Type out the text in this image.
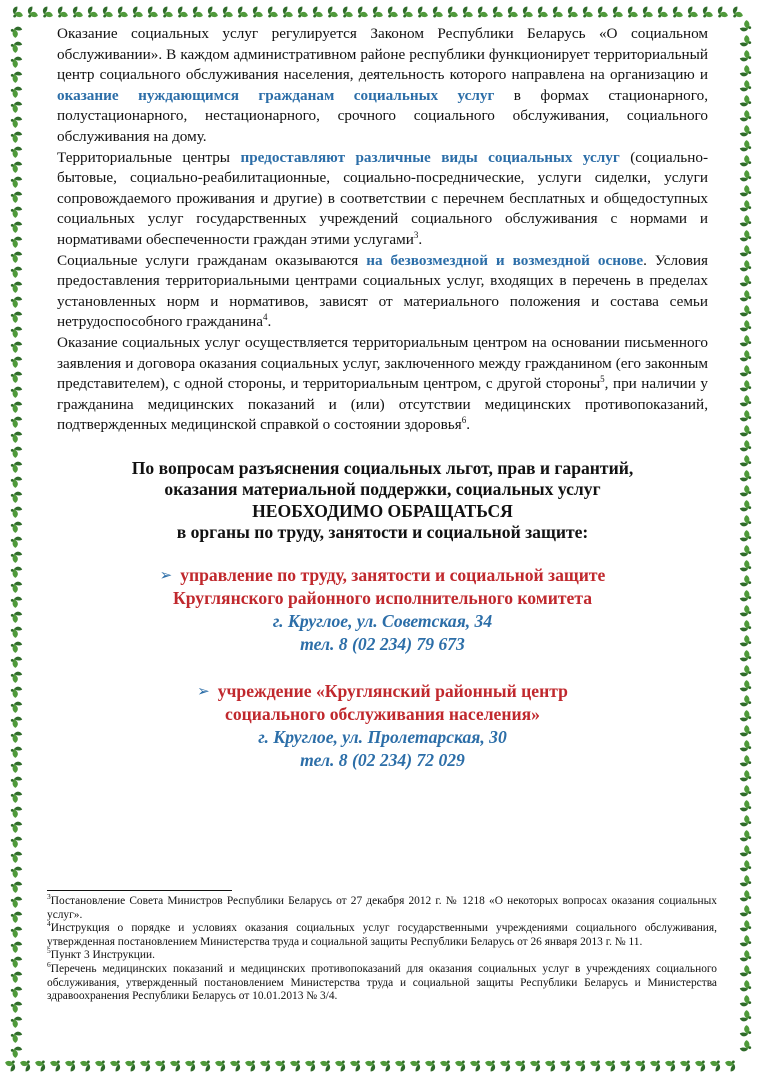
Оказание социальных услуг регулируется Законом Республики Беларусь «О социальном обслуживании». В каждом административном районе республики функционирует территориальный центр социального обслуживания населения, деятельность которого направлена на организацию и оказание нуждающимся гражданам социальных услуг в формах стационарного, полустационарного, нестационарного, срочного социального обслуживания, социального обслуживания на дому.

Территориальные центры предоставляют различные виды социальных услуг (социально-бытовые, социально-реабилитационные, социально-посреднические, услуги сиделки, услуги сопровождаемого проживания и другие) в соответствии с перечнем бесплатных и общедоступных социальных услуг государственных учреждений социального обслуживания с нормами и нормативами обеспеченности граждан этими услугами$^3$.

Социальные услуги гражданам оказываются на безвозмездной и возмездной основе. Условия предоставления территориальными центрами социальных услуг, входящих в перечень в пределах установленных норм и нормативов, зависят от материального положения и состава семьи нетрудоспособного гражданина$^4$.

Оказание социальных услуг осуществляется территориальным центром на основании письменного заявления и договора оказания социальных услуг, заключенного между гражданином (его законным представителем), с одной стороны, и территориальным центром, с другой стороны$^5$, при наличии у гражданина медицинских показаний и (или) отсутствии медицинских противопоказаний, подтвержденных медицинской справкой о состоянии здоровья$^6$.

По вопросам разъяснения социальных льгот, прав и гарантий,
оказания материальной поддержки, социальных услуг
НЕОБХОДИМО ОБРАЩАТЬСЯ
в органы по труду, занятости и социальной защите:
➢ управление по труду, занятости и социальной защите
Круглянского районного исполнительного комитета
г. Круглое, ул. Советская, 34
тел. 8 (02 234) 79 673
➢ учреждение «Круглянский районный центр
социального обслуживания населения»
г. Круглое, ул. Пролетарская, 30
тел. 8 (02 234) 72 029

$^3$Постановление Совета Министров Республики Беларусь от 27 декабря 2012 г. № 1218 «О некоторых вопросах оказания социальных услуг».

$^4$Инструкция о порядке и условиях оказания социальных услуг государственными учреждениями социального обслуживания, утвержденная постановлением Министерства труда и социальной защиты Республики Беларусь от 26 января 2013 г. № 11.

$^5$Пункт 3 Инструкции.

$^6$Перечень медицинских показаний и медицинских противопоказаний для оказания социальных услуг в учреждениях социального обслуживания, утвержденный постановлением Министерства труда и социальной защиты Республики Беларусь и Министерства здравоохранения Республики Беларусь от 10.01.2013 № 3/4.
